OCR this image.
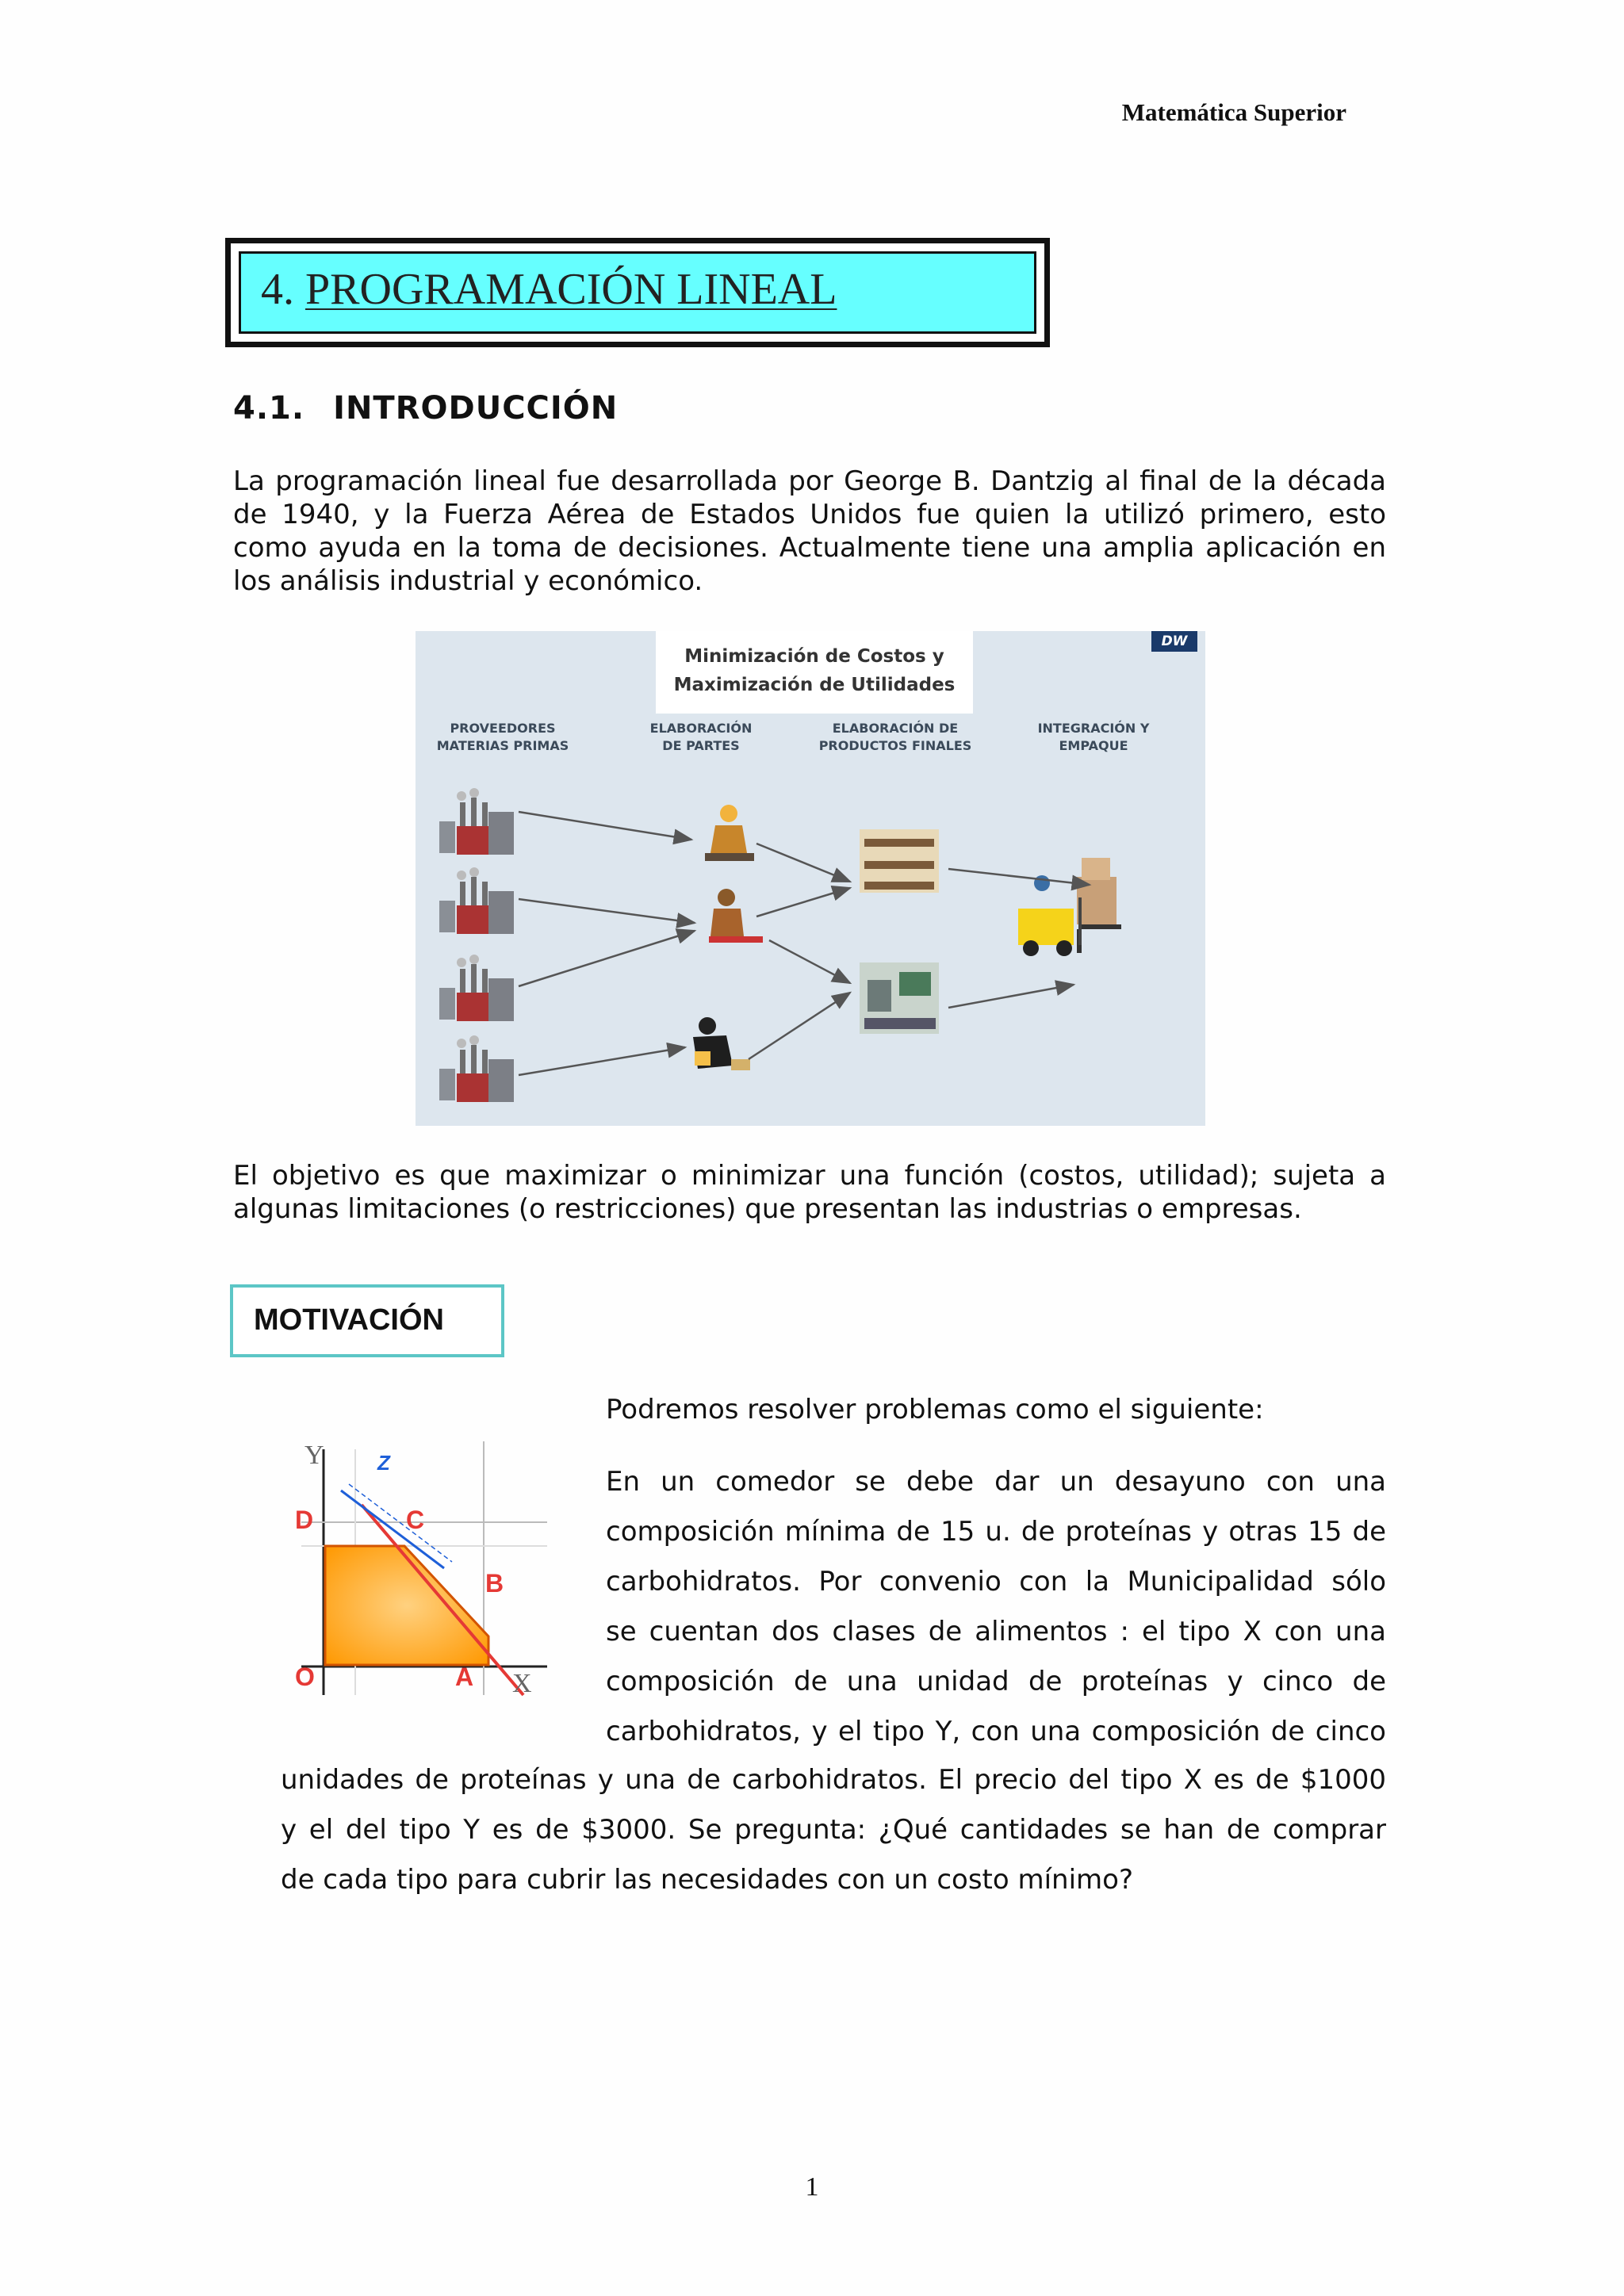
Matemática Superior
4. PROGRAMACIÓN LINEAL
4.1. INTRODUCCIÓN
La programación lineal fue desarrollada por George B. Dantzig al final de la década
de 1940, y la Fuerza Aérea de Estados Unidos fue quien la utilizó primero, esto
como ayuda en la toma de decisiones. Actualmente tiene una amplia aplicación en
los análisis industrial y económico.
Minimización de Costos y
Maximización de Utilidades
DW
PROVEEDORES
MATERIAS PRIMAS
ELABORACIÓN
DE PARTES
ELABORACIÓN DE
PRODUCTOS FINALES
INTEGRACIÓN Y
EMPAQUE
El objetivo es que maximizar o minimizar una función (costos, utilidad); sujeta a
algunas limitaciones (o restricciones) que presentan las industrias o empresas.
MOTIVACIÓN
Podremos resolver problemas como el siguiente:
Y
X
O	A
B
C
D
Z
En un comedor se debe dar un desayuno con una
composición mínima de 15 u. de proteínas y otras 15 de
carbohidratos. Por convenio con la Municipalidad sólo
se cuentan dos clases de alimentos : el tipo X con una
composición de una unidad de proteínas y cinco de
carbohidratos, y el tipo Y, con una composición de cinco
unidades de proteínas y una de carbohidratos. El precio del tipo X es de $1000
y el del tipo Y es de $3000. Se pregunta: ¿Qué cantidades se han de comprar
de cada tipo para cubrir las necesidades con un costo mínimo?
1
